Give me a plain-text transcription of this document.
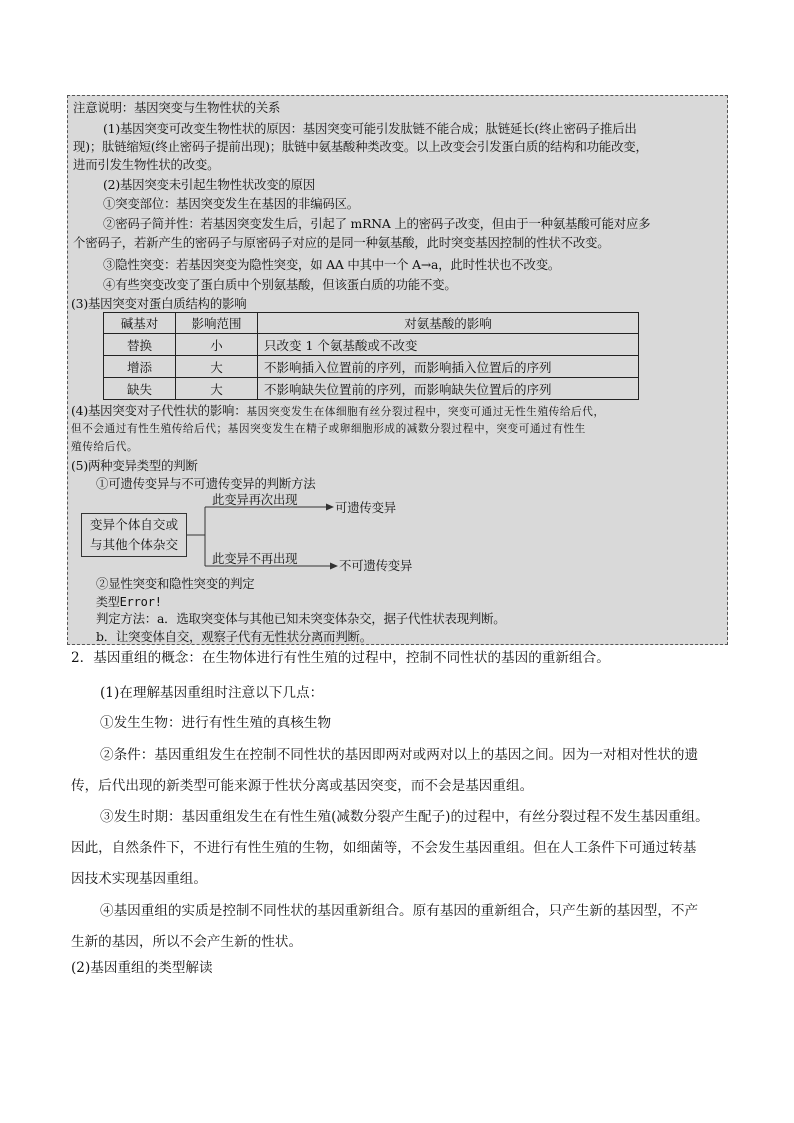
注意说明：基因突变与生物性状的关系
(1)基因突变可改变生物性状的原因：基因突变可能引发肽链不能合成；肽链延长(终止密码子推后出
现)；肽链缩短(终止密码子提前出现)；肽链中氨基酸种类改变。以上改变会引发蛋白质的结构和功能改变，
进而引发生物性状的改变。
(2)基因突变未引起生物性状改变的原因
①突变部位：基因突变发生在基因的非编码区。
②密码子简并性：若基因突变发生后，引起了 mRNA 上的密码子改变，但由于一种氨基酸可能对应多
个密码子，若新产生的密码子与原密码子对应的是同一种氨基酸，此时突变基因控制的性状不改变。
③隐性突变：若基因突变为隐性突变，如 AA 中其中一个 A→a，此时性状也不改变。
④有些突变改变了蛋白质中个别氨基酸，但该蛋白质的功能不变。
(3)基因突变对蛋白质结构的影响
碱基对	影响范围	对氨基酸的影响
替换	小	只改变 1 个氨基酸或不改变
增添	大	不影响插入位置前的序列，而影响插入位置后的序列
缺失	大	不影响缺失位置前的序列，而影响缺失位置后的序列
(4)基因突变对子代性状的影响：基因突变发生在体细胞有丝分裂过程中，突变可通过无性生殖传给后代，
但不会通过有性生殖传给后代；基因突变发生在精子或卵细胞形成的减数分裂过程中，突变可通过有性生
殖传给后代。
(5)两种变异类型的判断
①可遗传变异与不可遗传变异的判断方法
变异个体自交或
与其他个体杂交
此变异再次出现
可遗传变异
此变异不再出现	不可遗传变异
②显性突变和隐性突变的判定
类型Error!
判定方法：a．选取突变体与其他已知未突变体杂交，据子代性状表现判断。
b．让突变体自交，观察子代有无性状分离而判断。
2．基因重组的概念：在生物体进行有性生殖的过程中，控制不同性状的基因的重新组合。
(1)在理解基因重组时注意以下几点：
①发生生物：进行有性生殖的真核生物
②条件：基因重组发生在控制不同性状的基因即两对或两对以上的基因之间。因为一对相对性状的遗
传，后代出现的新类型可能来源于性状分离或基因突变，而不会是基因重组。
③发生时期：基因重组发生在有性生殖(减数分裂产生配子)的过程中，有丝分裂过程不发生基因重组。
因此，自然条件下，不进行有性生殖的生物，如细菌等，不会发生基因重组。但在人工条件下可通过转基
因技术实现基因重组。
④基因重组的实质是控制不同性状的基因重新组合。原有基因的重新组合，只产生新的基因型，不产
生新的基因，所以不会产生新的性状。
(2)基因重组的类型解读
